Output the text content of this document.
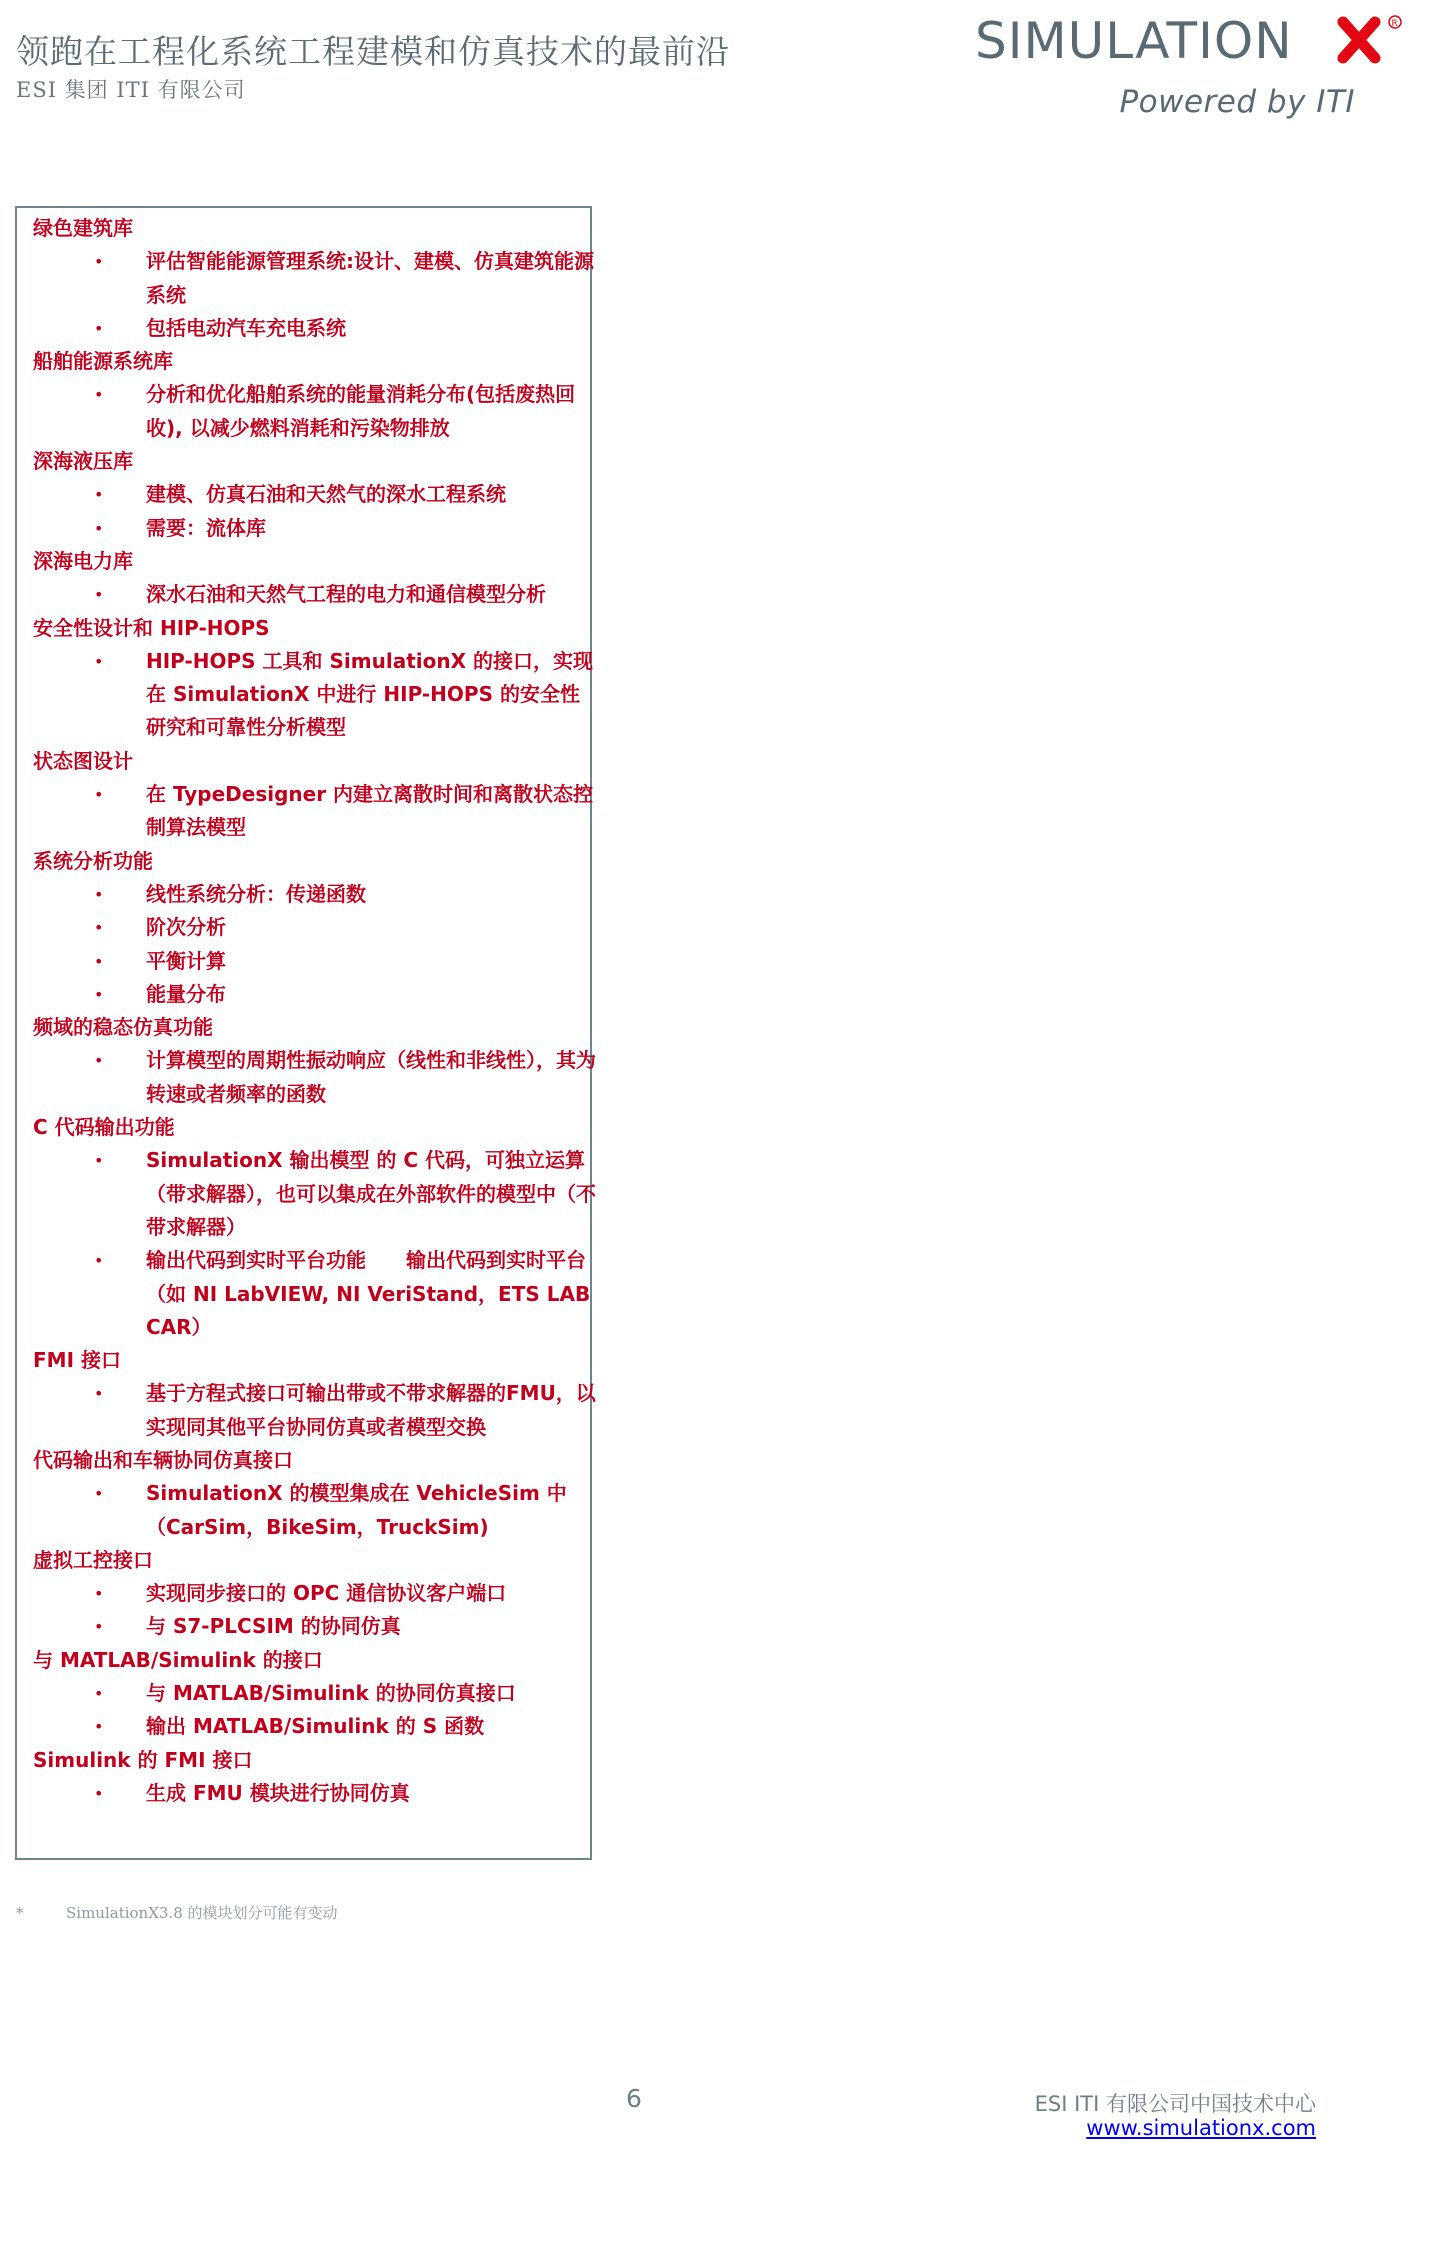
领跑在工程化系统工程建模和仿真技术的最前沿
ESI 集团 ITI 有限公司
SIMULATION	R
Powered by ITI
绿色建筑库
• 评估智能能源管理系统:设计、建模、仿真建筑能源系统
• 包括电动汽车充电系统
船舶能源系统库
• 分析和优化船舶系统的能量消耗分布(包括废热回收), 以减少燃料消耗和污染物排放
深海液压库
• 建模、仿真石油和天然气的深水工程系统
• 需要：流体库
深海电力库
• 深水石油和天然气工程的电力和通信模型分析
安全性设计和 HIP-HOPS
• HIP-HOPS 工具和 SimulationX 的接口，实现在 SimulationX 中进行 HIP-HOPS 的安全性研究和可靠性分析模型
状态图设计
• 在 TypeDesigner 内建立离散时间和离散状态控制算法模型
系统分析功能
• 线性系统分析：传递函数
• 阶次分析
• 平衡计算
• 能量分布
频域的稳态仿真功能
• 计算模型的周期性振动响应（线性和非线性），其为转速或者频率的函数
C 代码输出功能
• SimulationX 输出模型 的 C 代码，可独立运算（带求解器），也可以集成在外部软件的模型中（不带求解器）
• 输出代码到实时平台功能　　输出代码到实时平台（如 NI LabVIEW, NI VeriStand，ETS LABCAR）
FMI 接口
• 基于方程式接口可输出带或不带求解器的FMU，以实现同其他平台协同仿真或者模型交换
代码输出和车辆协同仿真接口
• SimulationX 的模型集成在 VehicleSim 中（CarSim，BikeSim，TruckSim)
虚拟工控接口
• 实现同步接口的 OPC 通信协议客户端口
• 与 S7-PLCSIM 的协同仿真
与 MATLAB/Simulink 的接口
• 与 MATLAB/Simulink 的协同仿真接口
• 输出 MATLAB/Simulink 的 S 函数
Simulink 的 FMI 接口
• 生成 FMU 模块进行协同仿真
*	SimulationX3.8 的模块划分可能有变动
6	ESI ITI 有限公司中国技术中心
www.simulationx.com
